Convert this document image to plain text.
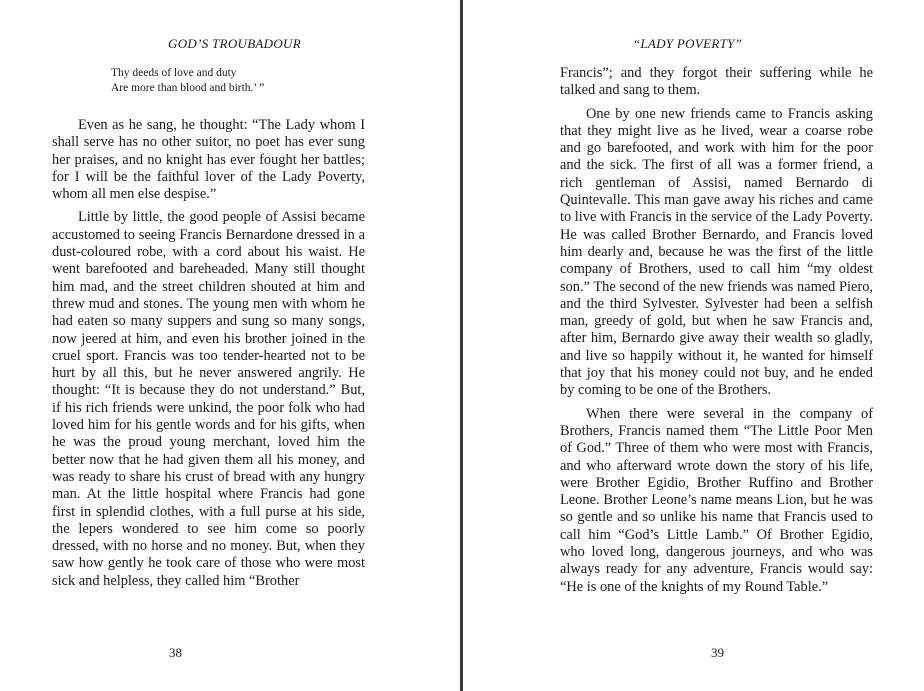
GOD’S TROUBADOUR
Thy deeds of love and duty
Are more than blood and birth.’ ”

Even as he sang, he thought: “The Lady whom I shall serve has no other suitor, no poet has ever sung her praises, and no knight has ever fought her battles; for I will be the faithful lover of the Lady Poverty, whom all men else despise.”

Little by little, the good people of Assisi became accustomed to seeing Francis Bernardone dressed in a dust-coloured robe, with a cord about his waist. He went barefooted and bareheaded. Many still thought him mad, and the street children shouted at him and threw mud and stones. The young men with whom he had eaten so many suppers and sung so many songs, now jeered at him, and even his brother joined in the cruel sport. Francis was too tender-hearted not to be hurt by all this, but he never answered angrily. He thought: “It is because they do not understand.” But, if his rich friends were unkind, the poor folk who had loved him for his gentle words and for his gifts, when he was the proud young merchant, loved him the better now that he had given them all his money, and was ready to share his crust of bread with any hungry man. At the little hospital where Francis had gone first in splendid clothes, with a full purse at his side, the lepers wondered to see him come so poorly dressed, with no horse and no money. But, when they saw how gently he took care of those who were most sick and helpless, they called him “Brother

38
“LADY POVERTY”

Francis”; and they forgot their suffering while he talked and sang to them.

One by one new friends came to Francis asking that they might live as he lived, wear a coarse robe and go barefooted, and work with him for the poor and the sick. The first of all was a former friend, a rich gentleman of Assisi, named Bernardo di Quintevalle. This man gave away his riches and came to live with Francis in the service of the Lady Poverty. He was called Brother Bernardo, and Francis loved him dearly and, because he was the first of the little company of Brothers, used to call him “my oldest son.” The second of the new friends was named Piero, and the third Sylvester. Sylvester had been a selfish man, greedy of gold, but when he saw Francis and, after him, Bernardo give away their wealth so gladly, and live so happily without it, he wanted for himself that joy that his money could not buy, and he ended by coming to be one of the Brothers.

When there were several in the company of Brothers, Francis named them “The Little Poor Men of God.” Three of them who were most with Francis, and who afterward wrote down the story of his life, were Brother Egidio, Brother Ruffino and Brother Leone. Brother Leone’s name means Lion, but he was so gentle and so unlike his name that Francis used to call him “God’s Little Lamb.” Of Brother Egidio, who loved long, dangerous journeys, and who was always ready for any adventure, Francis would say: “He is one of the knights of my Round Table.”

39
